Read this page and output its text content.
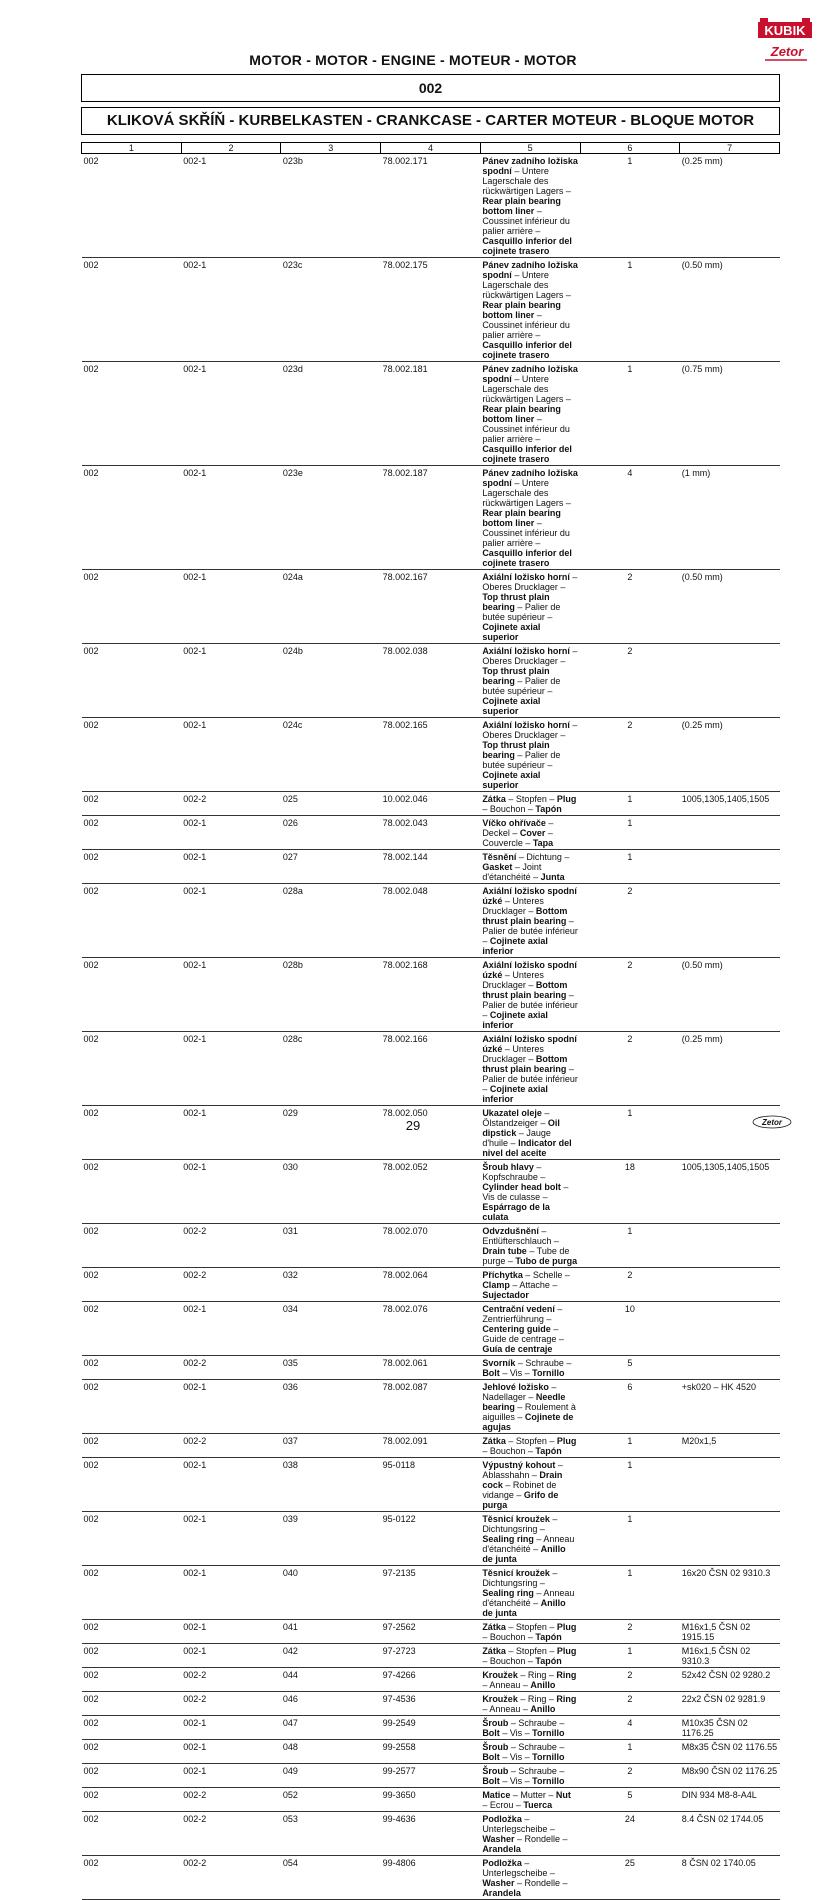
KUBIK
Zetor
MOTOR - MOTOR - ENGINE - MOTEUR - MOTOR
002
KLIKOVÁ SKŘÍŇ - KURBELKASTEN - CRANKCASE - CARTER MOTEUR - BLOQUE MOTOR
1	2	3	4	5	6	7
002	002-1	023b	78.002.171	Pánev zadního ložiska spodní – Untere Lagerschale des rückwärtigen Lagers – Rear plain bearing bottom liner – Coussinet inférieur du palier arrière – Casquillo inferior del cojinete trasero	1	(0.25 mm)
002	002-1	023c	78.002.175	Pánev zadního ložiska spodní – Untere Lagerschale des rückwärtigen Lagers – Rear plain bearing bottom liner – Coussinet inférieur du palier arrière – Casquillo inferior del cojinete trasero	1	(0.50 mm)
002	002-1	023d	78.002.181	Pánev zadního ložiska spodní – Untere Lagerschale des rückwärtigen Lagers – Rear plain bearing bottom liner – Coussinet inférieur du palier arrière – Casquillo inferior del cojinete trasero	1	(0.75 mm)
002	002-1	023e	78.002.187	Pánev zadního ložiska spodní – Untere Lagerschale des rückwärtigen Lagers – Rear plain bearing bottom liner – Coussinet inférieur du palier arrière – Casquillo inferior del cojinete trasero	4	(1 mm)
002	002-1	024a	78.002.167	Axiální ložisko horní – Oberes Drucklager – Top thrust plain bearing – Palier de butée supérieur – Cojinete axial superior	2	(0.50 mm)
002	002-1	024b	78.002.038	Axiální ložisko horní – Oberes Drucklager – Top thrust plain bearing – Palier de butée supérieur – Cojinete axial superior	2	
002	002-1	024c	78.002.165	Axiální ložisko horní – Oberes Drucklager – Top thrust plain bearing – Palier de butée supérieur – Cojinete axial superior	2	(0.25 mm)
002	002-2	025	10.002.046	Zátka – Stopfen – Plug – Bouchon – Tapón	1	1005,1305,1405,1505
002	002-1	026	78.002.043	Víčko ohřívače – Deckel – Cover – Couvercle – Tapa	1	
002	002-1	027	78.002.144	Těsnění – Dichtung – Gasket – Joint d'étanchéité – Junta	1	
002	002-1	028a	78.002.048	Axiální ložisko spodní úzké – Unteres Drucklager – Bottom thrust plain bearing – Palier de butée inférieur – Cojinete axial inferior	2	
002	002-1	028b	78.002.168	Axiální ložisko spodní úzké – Unteres Drucklager – Bottom thrust plain bearing – Palier de butée inférieur – Cojinete axial inferior	2	(0.50 mm)
002	002-1	028c	78.002.166	Axiální ložisko spodní úzké – Unteres Drucklager – Bottom thrust plain bearing – Palier de butée inférieur – Cojinete axial inferior	2	(0.25 mm)
002	002-1	029	78.002.050	Ukazatel oleje – Ölstandzeiger – Oil dipstick – Jauge d'huile – Indicator del nivel del aceite	1	
002	002-1	030	78.002.052	Šroub hlavy – Kopfschraube – Cylinder head bolt – Vis de culasse – Espárrago de la culata	18	1005,1305,1405,1505
002	002-2	031	78.002.070	Odvzdušnění – Entlüfterschlauch – Drain tube – Tube de purge – Tubo de purga	1	
002	002-2	032	78.002.064	Příchytka – Schelle – Clamp – Attache – Sujectador	2	
002	002-1	034	78.002.076	Centrační vedení – Zentrierführung – Centering guide – Guide de centrage – Guía de centraje	10	
002	002-2	035	78.002.061	Svorník – Schraube – Bolt – Vis – Tornillo	5	
002	002-1	036	78.002.087	Jehlové ložisko – Nadellager – Needle bearing – Roulement à aiguilles – Cojinete de agujas	6	+sk020 – HK 4520
002	002-2	037	78.002.091	Zátka – Stopfen – Plug – Bouchon – Tapón	1	M20x1,5
002	002-1	038	95-0118	Výpustný kohout – Ablasshahn – Drain cock – Robinet de vidange – Grifo de purga	1	
002	002-1	039	95-0122	Těsnicí kroužek – Dichtungsring – Sealing ring – Anneau d'étanchéité – Anillo de junta	1	
002	002-1	040	97-2135	Těsnicí kroužek – Dichtungsring – Sealing ring – Anneau d'étanchéité – Anillo de junta	1	16x20 ČSN 02 9310.3
002	002-1	041	97-2562	Zátka – Stopfen – Plug – Bouchon – Tapón	2	M16x1,5 ČSN 02 1915.15
002	002-1	042	97-2723	Zátka – Stopfen – Plug – Bouchon – Tapón	1	M16x1,5 ČSN 02 9310.3
002	002-2	044	97-4266	Kroužek – Ring – Ring – Anneau – Anillo	2	52x42 ČSN 02 9280.2
002	002-2	046	97-4536	Kroužek – Ring – Ring – Anneau – Anillo	2	22x2 ČSN 02 9281.9
002	002-1	047	99-2549	Šroub – Schraube – Bolt – Vis – Tornillo	4	M10x35 ČSN 02 1176.25
002	002-1	048	99-2558	Šroub – Schraube – Bolt – Vis – Tornillo	1	M8x35 ČSN 02 1176.55
002	002-1	049	99-2577	Šroub – Schraube – Bolt – Vis – Tornillo	2	M8x90 ČSN 02 1176.25
002	002-2	052	99-3650	Matice – Mutter – Nut – Ecrou – Tuerca	5	DIN 934 M8-8-A4L
002	002-2	053	99-4636	Podložka – Unterlegscheibe – Washer – Rondelle – Arandela	24	8.4 ČSN 02 1744.05
002	002-2	054	99-4806	Podložka – Unterlegscheibe – Washer – Rondelle – Arandela	25	8 ČSN 02 1740.05
29	Zetor
